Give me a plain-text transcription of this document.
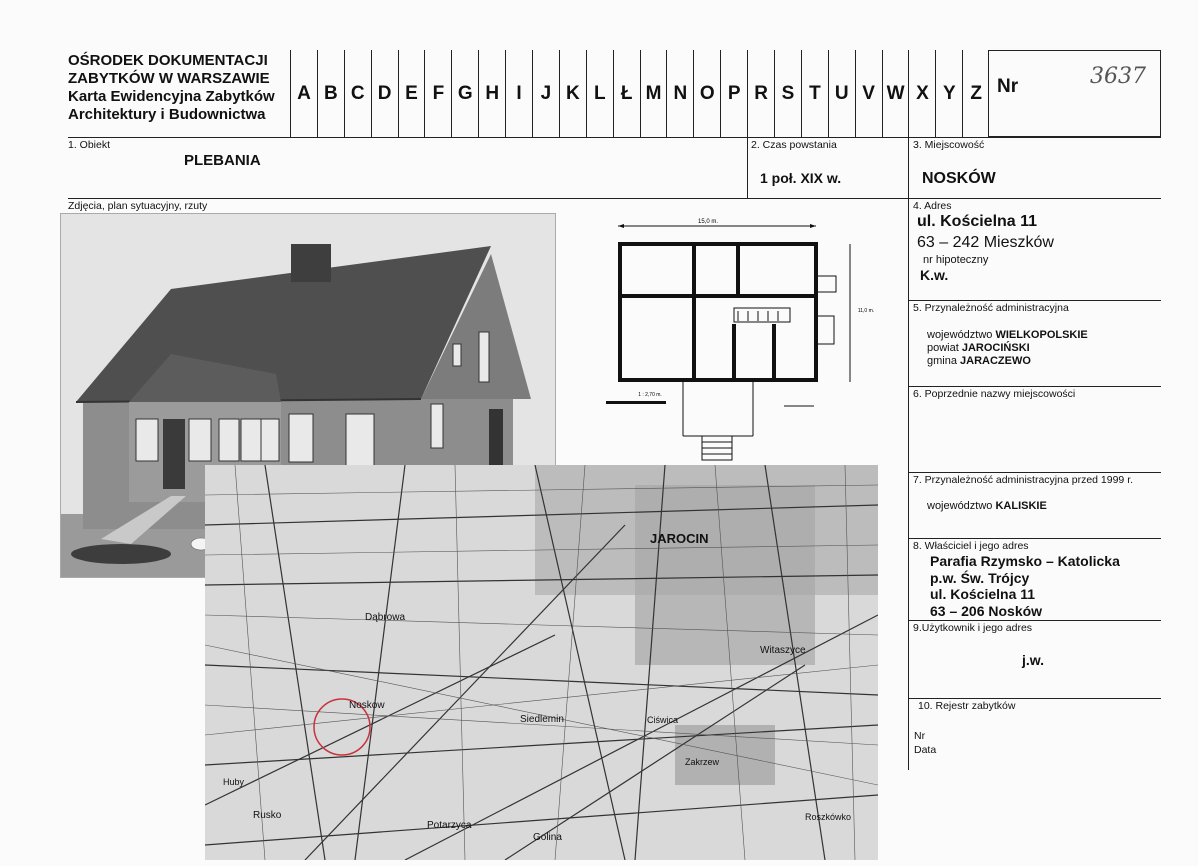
OŚRODEK DOKUMENTACJI
ZABYTKÓW W WARSZAWIE
Karta Ewidencyjna Zabytków
Architektury i Budownictwa
A B C D E F G H I J K L Ł M N O P R S T U V W X Y Z Nr	3637
1. Obiekt
PLEBANIA
2. Czas powstania
1 poł. XIX w.
3. Miejscowość
NOSKÓW
Zdjęcia, plan sytuacyjny, rzuty	4. Adres
ul. Kościelna 11
63 – 242 Mieszków
nr hipoteczny
K.w.
5. Przynależność administracyjna
województwo WIELKOPOLSKIE
powiat JAROCIŃSKI
gmina JARACZEWO
6. Poprzednie nazwy miejscowości
7. Przynależność administracyjna przed 1999 r.
województwo KALISKIE
8. Właściciel i jego adres
Parafia Rzymsko – Katolicka
p.w. Św. Trójcy
ul. Kościelna 11
63 – 206 Nosków
9.Użytkownik i jego adres
j.w.
10. Rejestr zabytków
Nr
Data
15,0 m.
11,0 m.
1 : 2,70 m.
JAROCIN
Noskow
Dąbrowa
Siedlemin
Witaszyce
Golina
Potarzyca
Rusko
Ciświca
Zakrzew
Roszkówko
Huby
